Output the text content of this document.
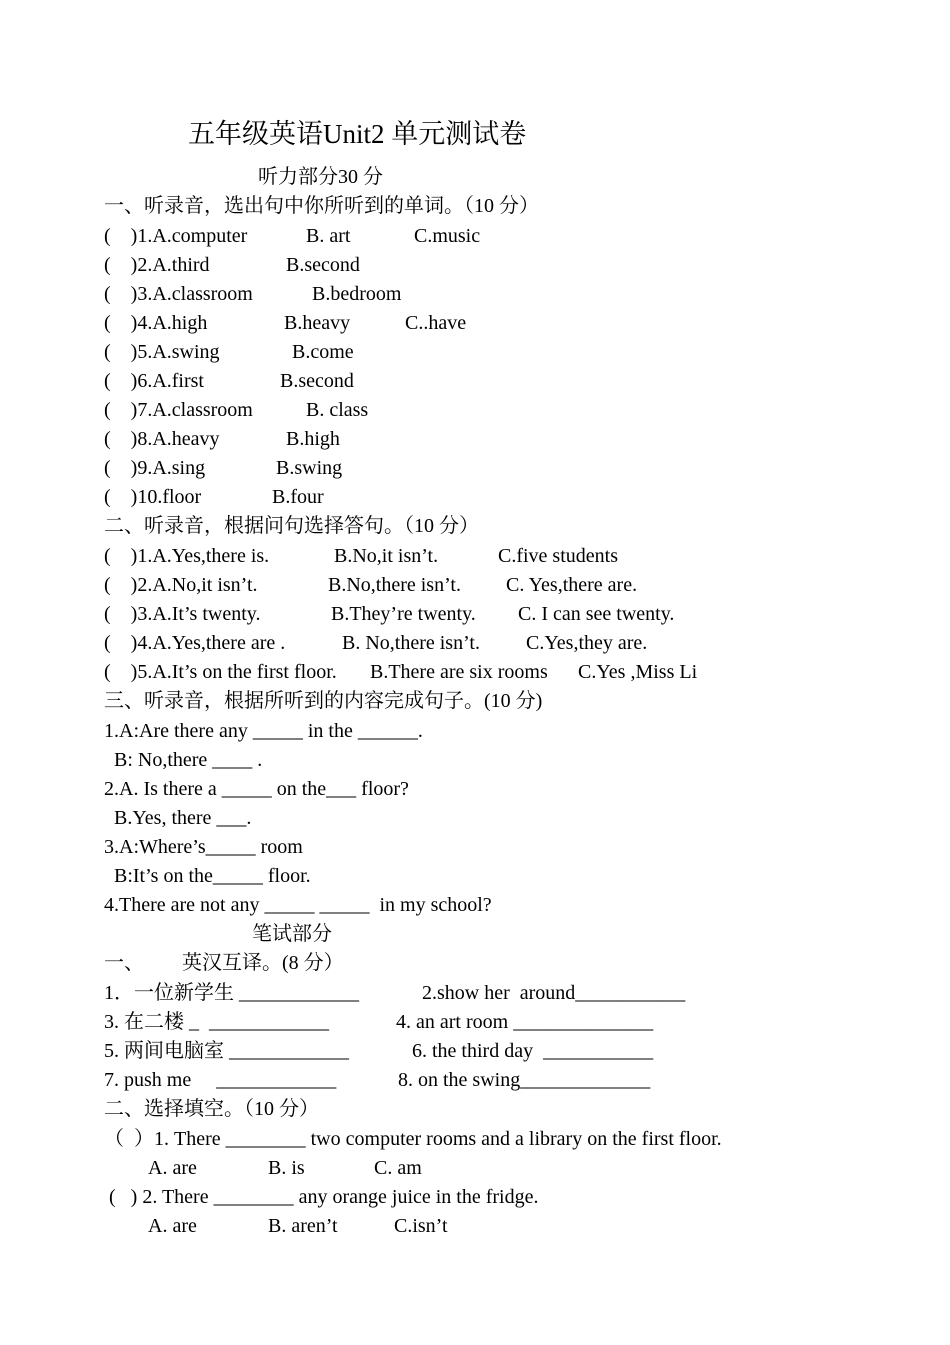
五年级英语Unit2 单元测试卷
听力部分30 分
一、听录音，选出句中你所听到的单词。（10 分）
(    )1.A.computer	B. art	C.music
(    )2.A.third	B.second
(    )3.A.classroom	B.bedroom
(    )4.A.high	B.heavy	C..have
(    )5.A.swing	B.come
(    )6.A.first	B.second
(    )7.A.classroom	B. class
(    )8.A.heavy	B.high
(    )9.A.sing	B.swing
(    )10.floor	B.four
二、听录音，根据问句选择答句。（10 分）
(    )1.A.Yes,there is.	B.No,it isn’t.	C.five students
(    )2.A.No,it isn’t.	B.No,there isn’t. C. Yes,there are.
(    )3.A.It’s twenty.	B.They’re twenty. C. I can see twenty.
(    )4.A.Yes,there are .	B. No,there isn’t. C.Yes,they are.
(    )5.A.It’s on the first floor. B.There are six rooms C.Yes ,Miss Li
三、听录音，根据所听到的内容完成句子。(10 分)
1.A:Are there any _____ in the ______.
B: No,there ____ .
2.A. Is there a _____ on the___ floor?
B.Yes, there ___.
3.A:Where’s_____ room
B:It’s on the_____ floor.
4.There are not any _____ _____  in my school?
笔试部分
一、 英汉互译。(8 分）
1．一位新学生 ____________	2.show her  around___________
3. 在二楼 _  ____________	4. an art room ______________
5. 两间电脑室 ____________	6. the third day  ___________
7. push me     ____________	8. on the swing_____________
二、选择填空。（10 分）
（  ）1. There ________ two computer rooms and a library on the first floor.
A. are	B. is	C. am
(   ) 2. There ________ any orange juice in the fridge.
A. are	B. aren’t	C.isn’t
